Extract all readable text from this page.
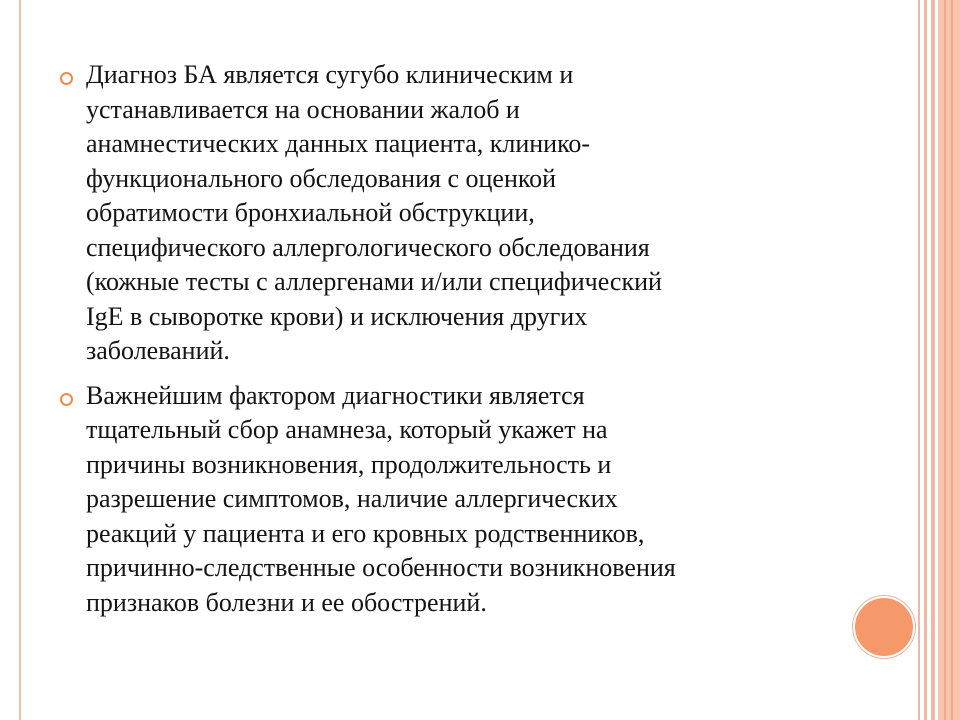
Диагноз БА является сугубо клиническим и
устанавливается на основании жалоб и
анамнестических данных пациента, клинико-
функционального обследования с оценкой
обратимости бронхиальной обструкции,
специфического аллергологического обследования
(кожные тесты с аллергенами и/или специфический
IgE в сыворотке крови) и исключения других
заболеваний.
Важнейшим фактором диагностики является
тщательный сбор анамнеза, который укажет на
причины возникновения, продолжительность и
разрешение симптомов, наличие аллергических
реакций у пациента и его кровных родственников,
причинно-следственные особенности возникновения
признаков болезни и ее обострений.
